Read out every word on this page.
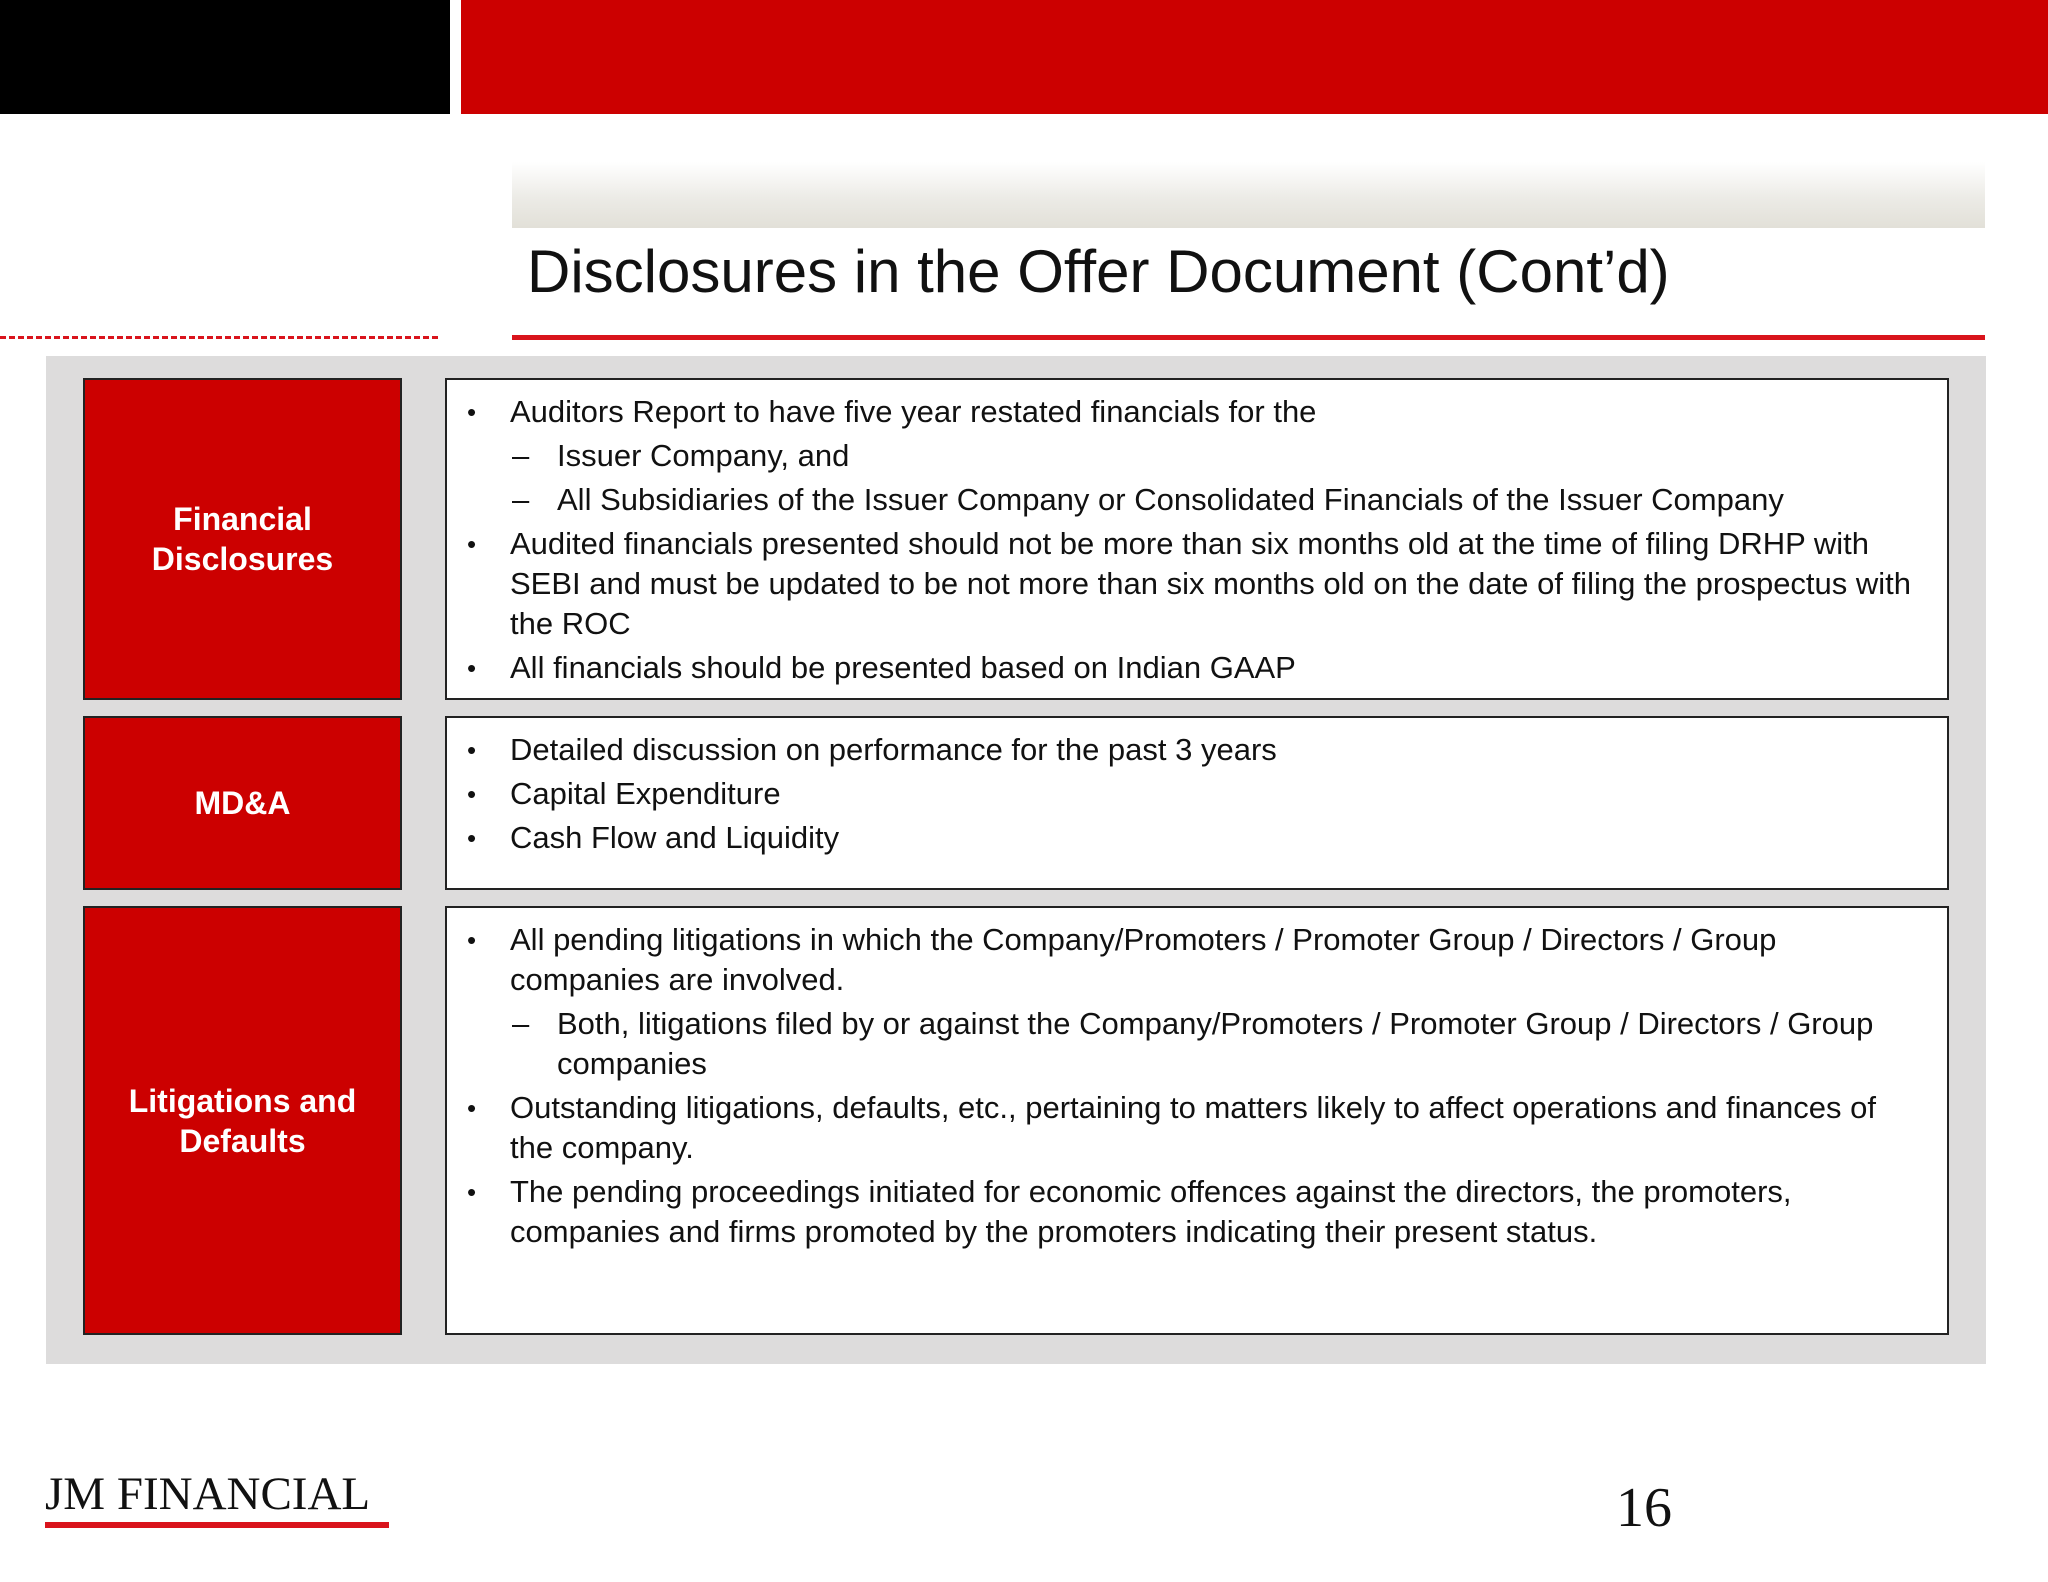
Disclosures in the Offer Document (Cont’d)
Financial Disclosures
• Auditors Report to have five year restated financials for the
– Issuer Company, and
– All Subsidiaries of the Issuer Company or Consolidated Financials of the Issuer Company
• Audited financials presented should not be more than six months old at the time of filing DRHP with SEBI and must be updated to be not more than six months old on the date of filing the prospectus with the ROC
• All financials should be presented based on Indian GAAP
MD&A
• Detailed discussion on performance for the past 3 years
• Capital Expenditure
• Cash Flow and Liquidity
Litigations and Defaults
• All pending litigations in which the Company/Promoters / Promoter Group / Directors / Group companies are involved.
– Both, litigations filed by or against the Company/Promoters / Promoter Group / Directors / Group companies
• Outstanding litigations, defaults, etc., pertaining to matters likely to affect operations and finances of the company.
• The pending proceedings initiated for economic offences against the directors, the promoters, companies and firms promoted by the promoters indicating their present status.
JM FINANCIAL	16
